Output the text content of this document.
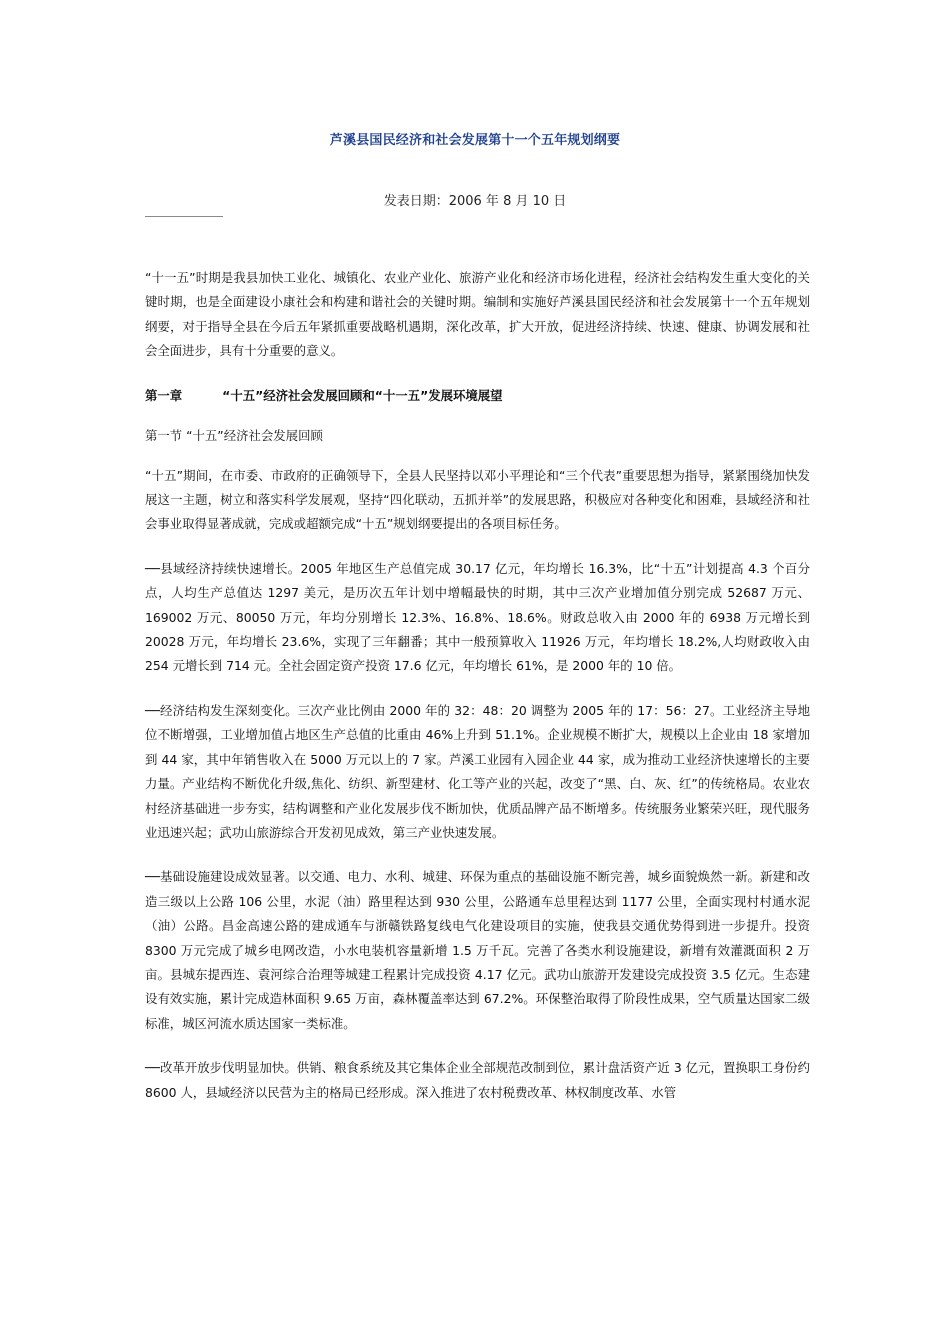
芦溪县国民经济和社会发展第十一个五年规划纲要
发表日期：2006 年 8 月 10 日

“十一五”时期是我县加快工业化、城镇化、农业产业化、旅游产业化和经济市场化进程，经济社会结构发生重大变化的关键时期，也是全面建设小康社会和构建和谐社会的关键时期。编制和实施好芦溪县国民经济和社会发展第十一个五年规划纲要，对于指导全县在今后五年紧抓重要战略机遇期，深化改革，扩大开放，促进经济持续、快速、健康、协调发展和社会全面进步，具有十分重要的意义。

第一章	“十五”经济社会发展回顾和“十一五”发展环境展望
第一节 “十五”经济社会发展回顾

“十五”期间，在市委、市政府的正确领导下，全县人民坚持以邓小平理论和“三个代表”重要思想为指导，紧紧围绕加快发展这一主题，树立和落实科学发展观，坚持“四化联动，五抓并举”的发展思路，积极应对各种变化和困难，县域经济和社会事业取得显著成就，完成或超额完成“十五”规划纲要提出的各项目标任务。

──县域经济持续快速增长。2005 年地区生产总值完成 30.17 亿元，年均增长 16.3%，比“十五”计划提高 4.3 个百分点，人均生产总值达 1297 美元，是历次五年计划中增幅最快的时期，其中三次产业增加值分别完成 52687 万元、169002 万元、80050 万元，年均分别增长 12.3%、16.8%、18.6%。财政总收入由 2000 年的 6938 万元增长到 20028 万元，年均增长 23.6%，实现了三年翻番；其中一般预算收入 11926 万元，年均增长 18.2%,人均财政收入由 254 元增长到 714 元。全社会固定资产投资 17.6 亿元，年均增长 61%，是 2000 年的 10 倍。

──经济结构发生深刻变化。三次产业比例由 2000 年的 32：48：20 调整为 2005 年的 17：56：27。工业经济主导地位不断增强，工业增加值占地区生产总值的比重由 46%上升到 51.1%。企业规模不断扩大，规模以上企业由 18 家增加到 44 家，其中年销售收入在 5000 万元以上的 7 家。芦溪工业园有入园企业 44 家，成为推动工业经济快速增长的主要力量。产业结构不断优化升级,焦化、纺织、新型建材、化工等产业的兴起，改变了“黑、白、灰、红”的传统格局。农业农村经济基础进一步夯实，结构调整和产业化发展步伐不断加快，优质品牌产品不断增多。传统服务业繁荣兴旺，现代服务业迅速兴起；武功山旅游综合开发初见成效，第三产业快速发展。

──基础设施建设成效显著。以交通、电力、水利、城建、环保为重点的基础设施不断完善，城乡面貌焕然一新。新建和改造三级以上公路 106 公里，水泥（油）路里程达到 930 公里，公路通车总里程达到 1177 公里，全面实现村村通水泥（油）公路。昌金高速公路的建成通车与浙赣铁路复线电气化建设项目的实施，使我县交通优势得到进一步提升。投资 8300 万元完成了城乡电网改造，小水电装机容量新增 1.5 万千瓦。完善了各类水利设施建设，新增有效灌溉面积 2 万亩。县城东提西连、袁河综合治理等城建工程累计完成投资 4.17 亿元。武功山旅游开发建设完成投资 3.5 亿元。生态建设有效实施，累计完成造林面积 9.65 万亩，森林覆盖率达到 67.2%。环保整治取得了阶段性成果，空气质量达国家二级标准，城区河流水质达国家一类标准。

──改革开放步伐明显加快。供销、粮食系统及其它集体企业全部规范改制到位，累计盘活资产近 3 亿元，置换职工身份约 8600 人，县域经济以民营为主的格局已经形成。深入推进了农村税费改革、林权制度改革、水管
